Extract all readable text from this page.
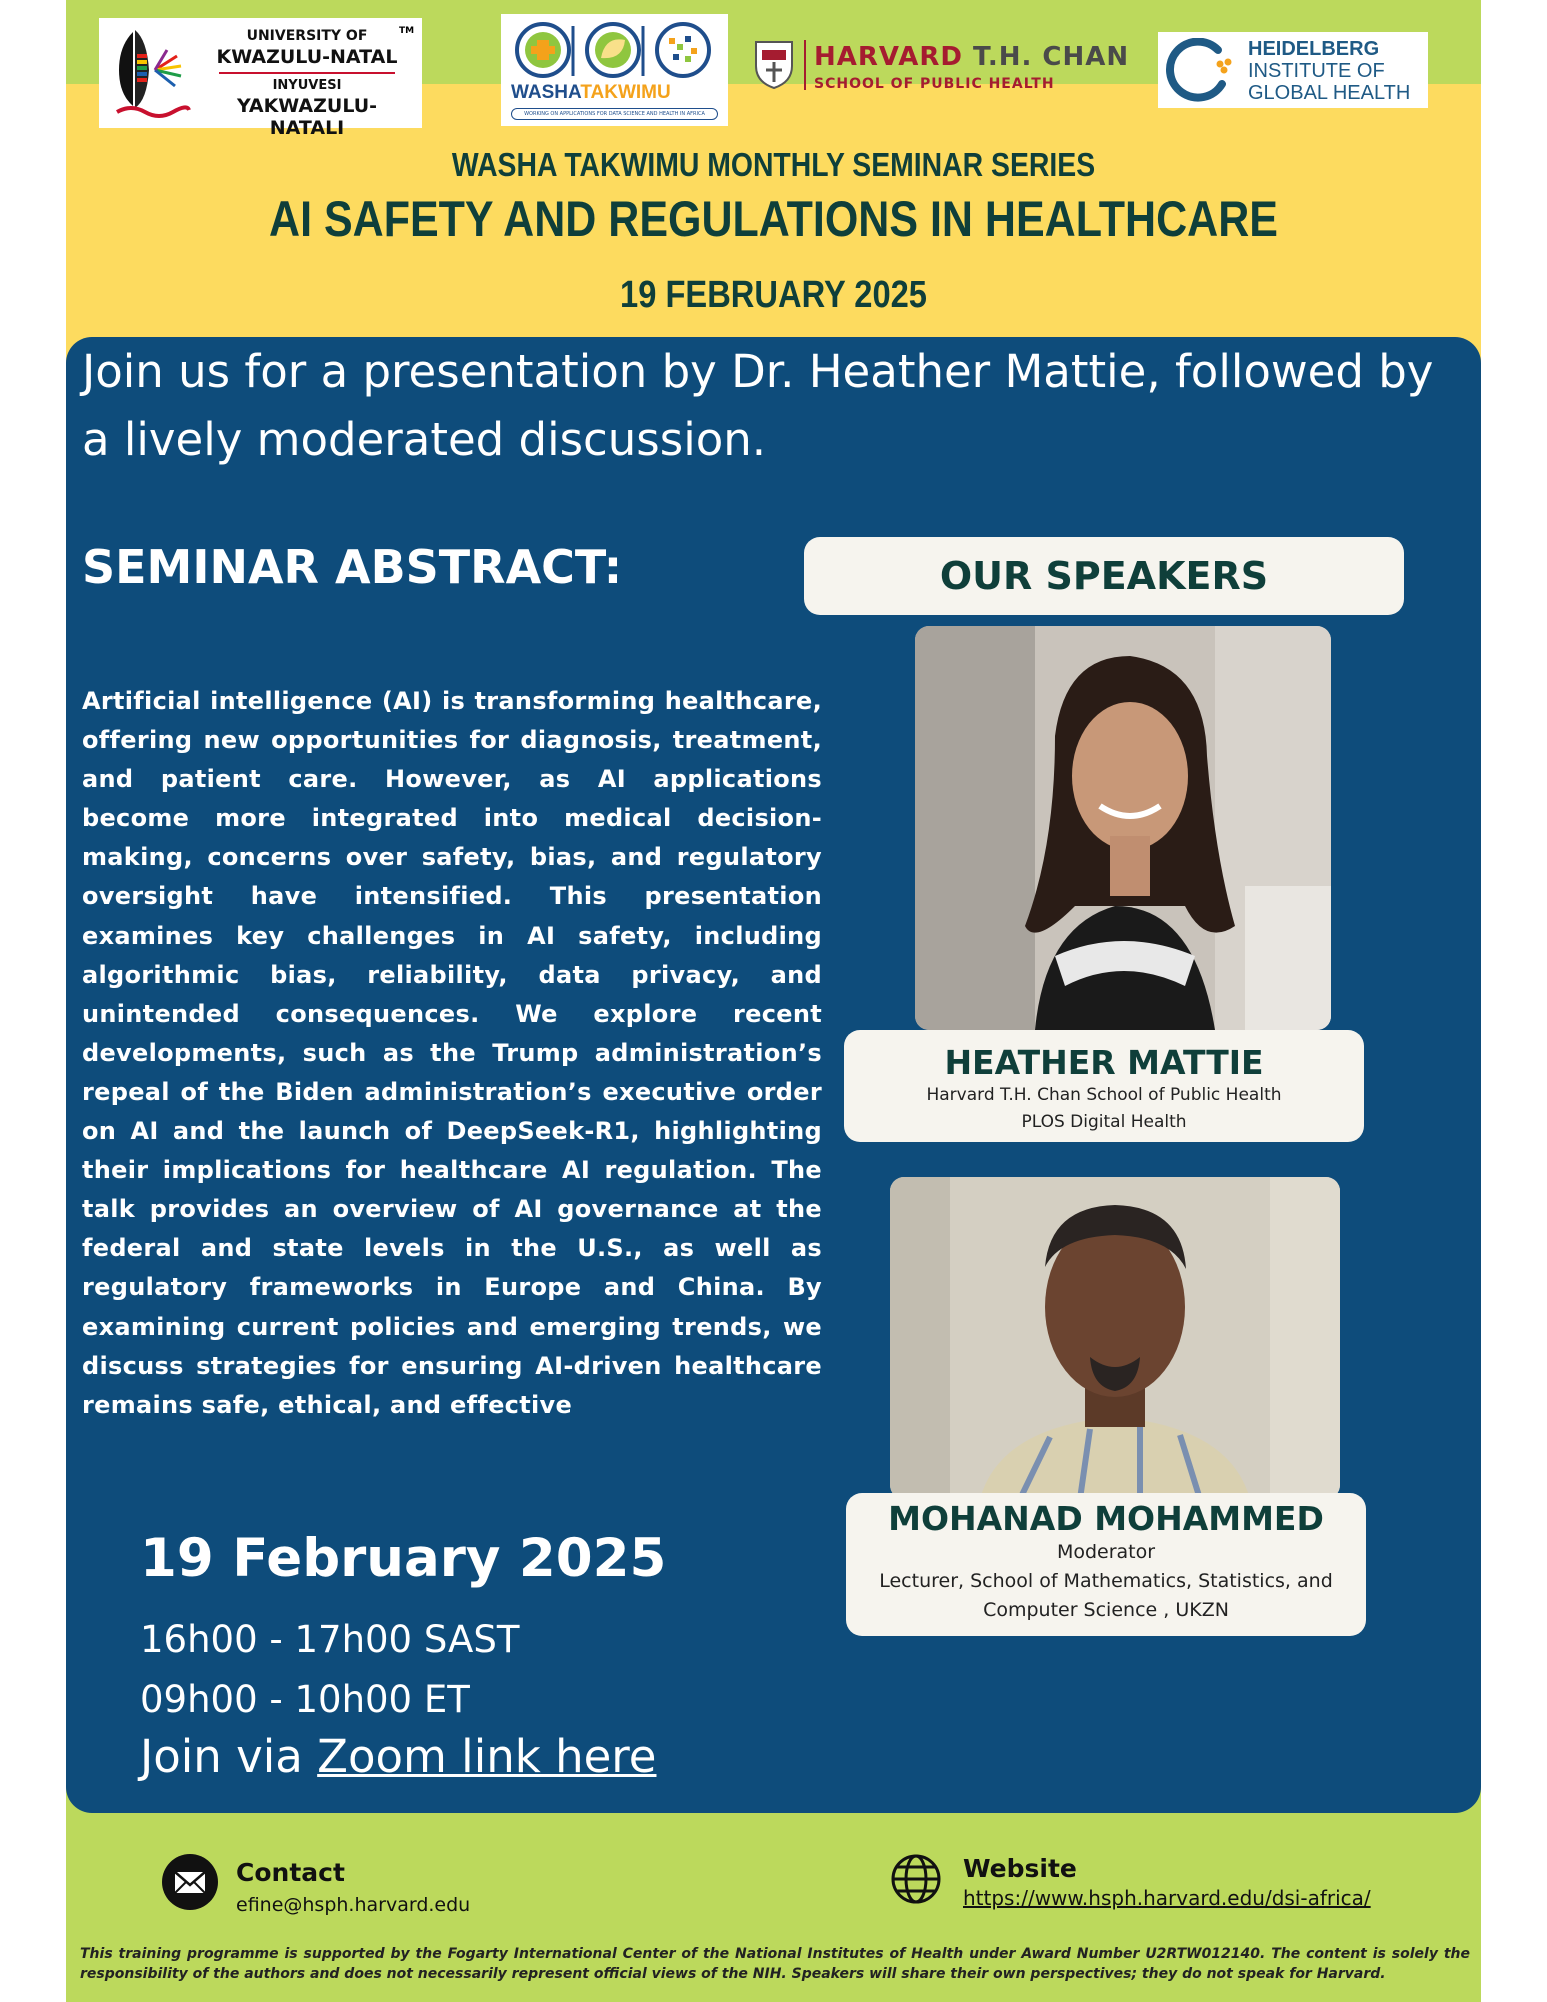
UNIVERSITY OF
KWAZULU-NATAL
INYUVESI
YAKWAZULU-NATALI
TM
WASHATAKWIMU
WORKING ON APPLICATIONS FOR DATA SCIENCE AND HEALTH IN AFRICA
HARVARD T.H. CHAN
SCHOOL OF PUBLIC HEALTH
HEIDELBERG
INSTITUTE OF
GLOBAL HEALTH
WASHA TAKWIMU MONTHLY SEMINAR SERIES
AI SAFETY AND REGULATIONS IN HEALTHCARE
19 FEBRUARY 2025
Join us for a presentation by Dr. Heather Mattie, followed by a lively moderated discussion.
SEMINAR ABSTRACT:
Artificial intelligence (AI) is transforming healthcare, offering new opportunities for diagnosis, treatment, and patient care. However, as AI applications become more integrated into medical decision-making, concerns over safety, bias, and regulatory oversight have intensified. This presentation examines key challenges in AI safety, including algorithmic bias, reliability, data privacy, and unintended consequences. We explore recent developments, such as the Trump administration’s repeal of the Biden administration’s executive order on AI and the launch of DeepSeek-R1, highlighting their implications for healthcare AI regulation. The talk provides an overview of AI governance at the federal and state levels in the U.S., as well as regulatory frameworks in Europe and China. By examining current policies and emerging trends, we discuss strategies for ensuring AI-driven healthcare remains safe, ethical, and effective
19 February 2025
16h00 - 17h00 SAST
09h00 - 10h00 ET
Join via Zoom link here
OUR SPEAKERS
HEATHER MATTIE
Harvard T.H. Chan School of Public Health
PLOS Digital Health
MOHANAD MOHAMMED
Moderator
Lecturer, School of Mathematics, Statistics, and
Computer Science , UKZN
Contact
efine@hsph.harvard.edu
Website
https://www.hsph.harvard.edu/dsi-africa/
This training programme is supported by the Fogarty International Center of the National Institutes of Health under Award Number U2RTW012140. The content is solely the responsibility of the authors and does not necessarily represent official views of the NIH. Speakers will share their own perspectives; they do not speak for Harvard.
